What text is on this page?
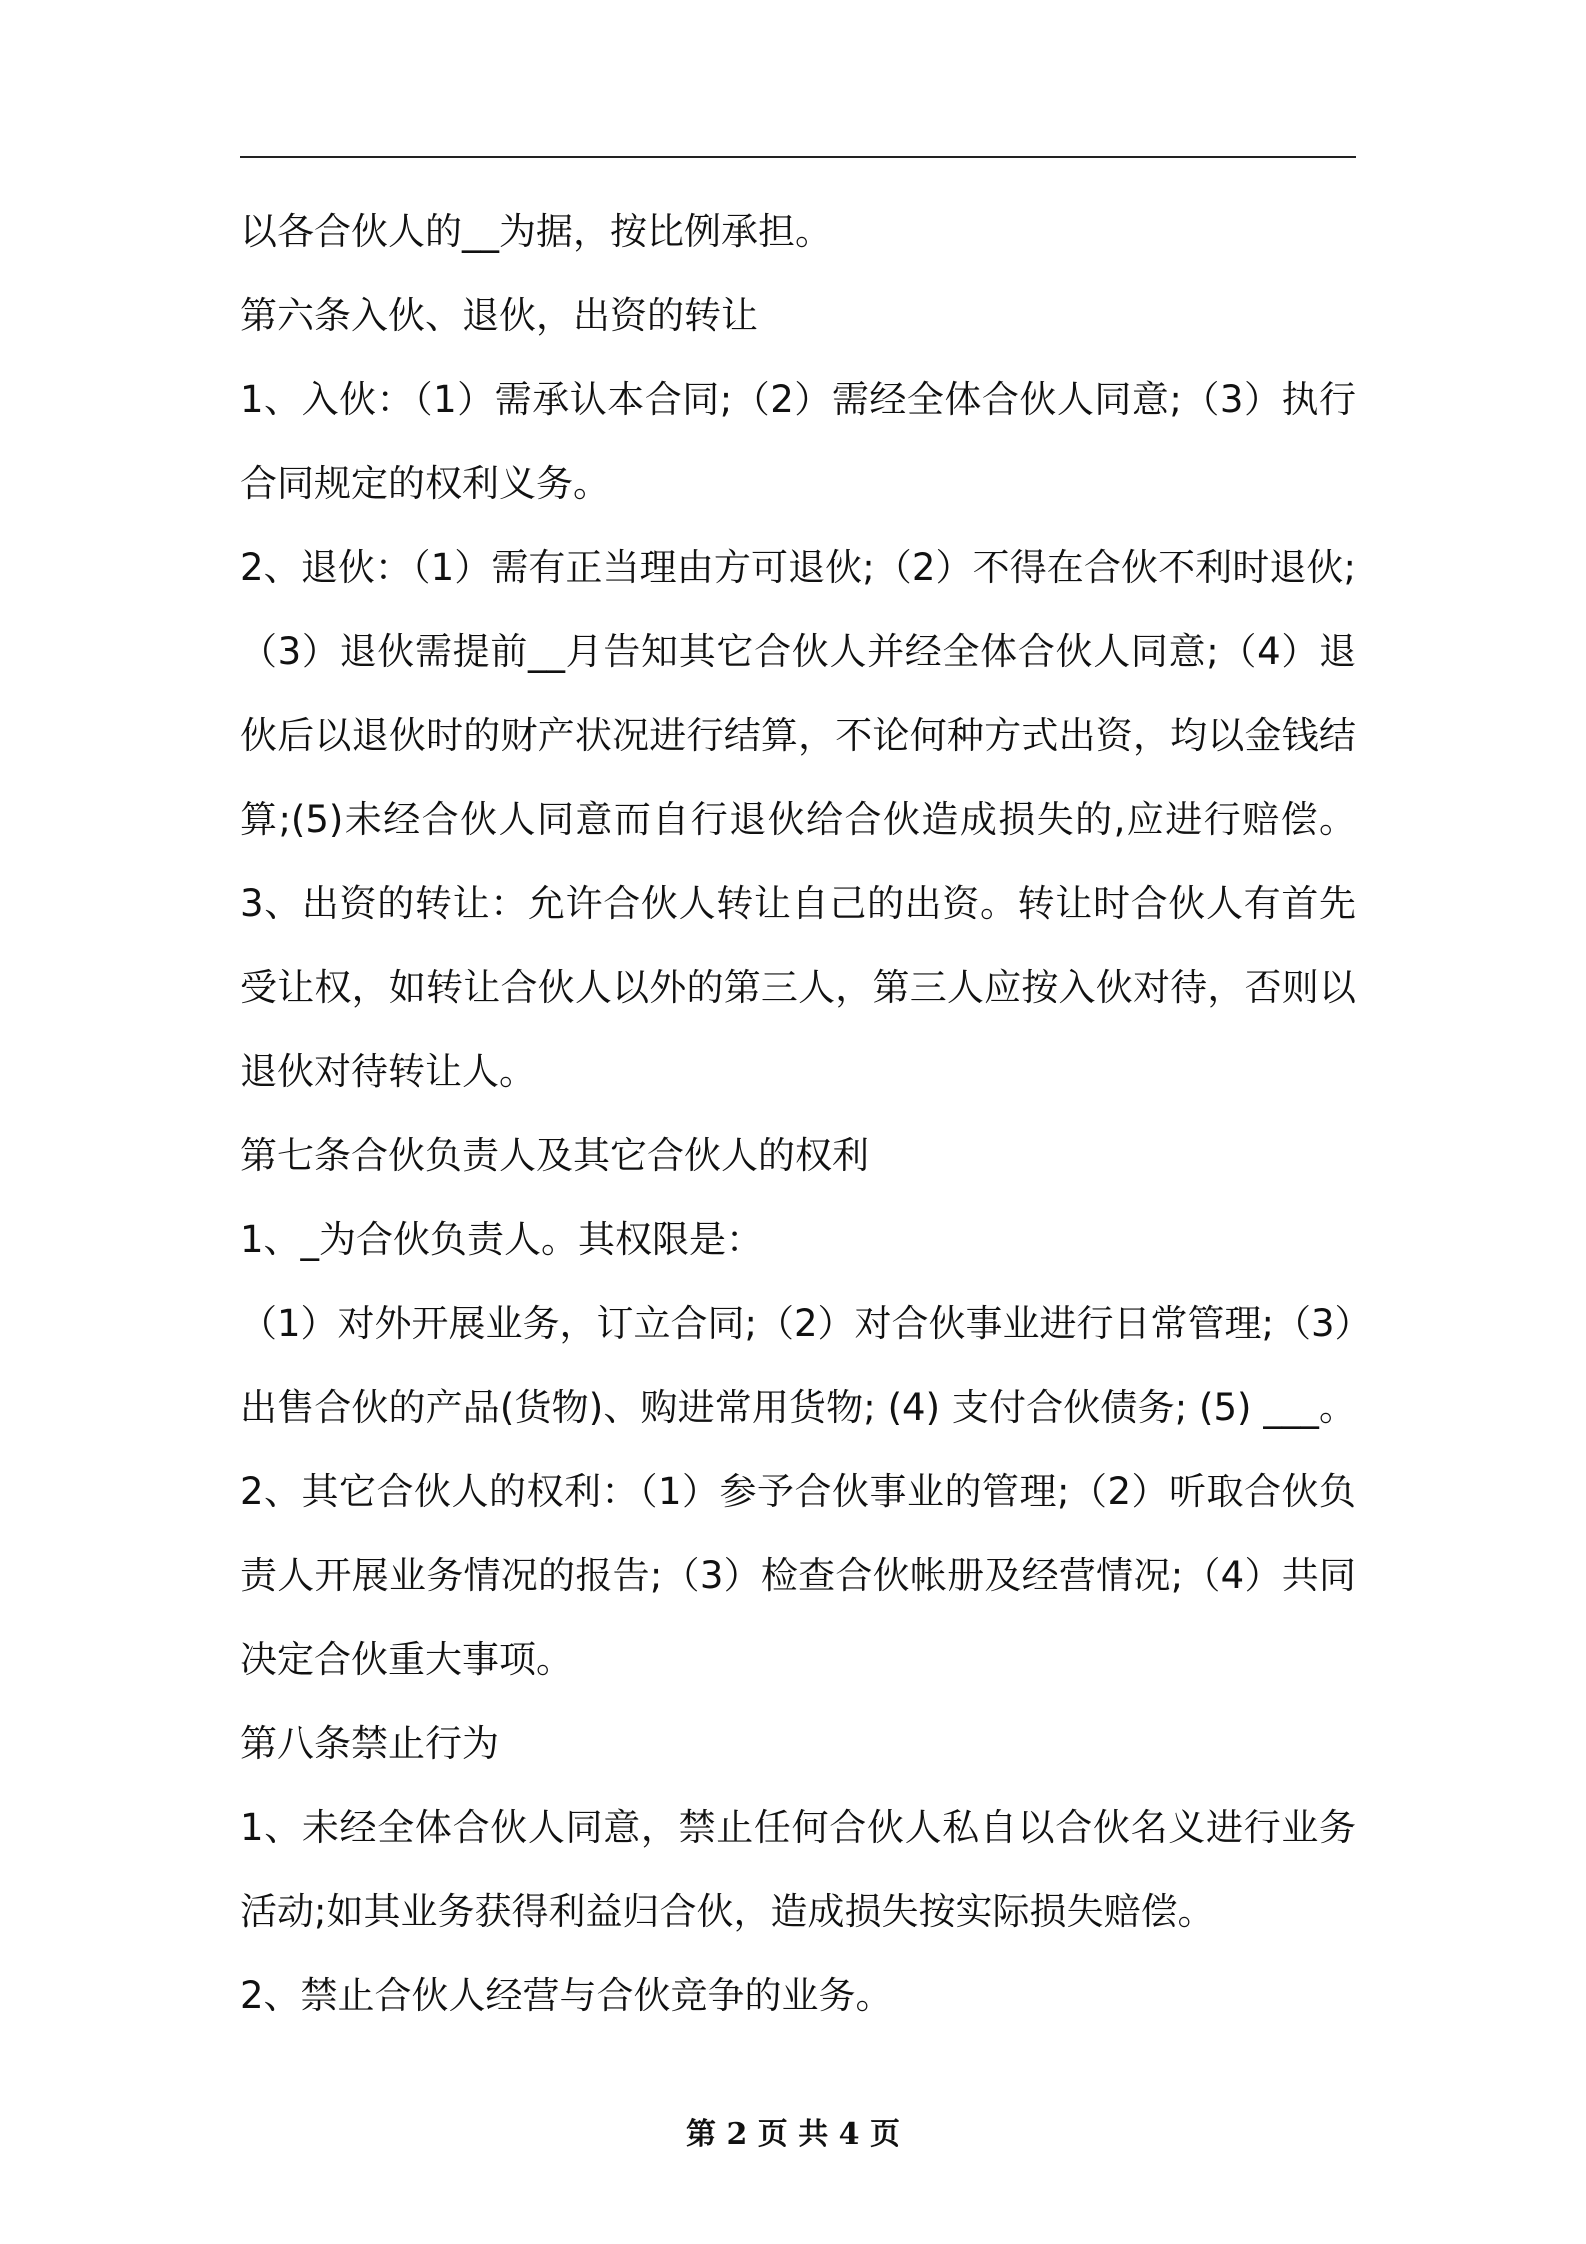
以各合伙人的__为据，按比例承担。
第六条入伙、退伙，出资的转让
1、入伙：（1）需承认本合同;（2）需经全体合伙人同意;（3）执行
合同规定的权利义务。
2、退伙：（1）需有正当理由方可退伙;（2）不得在合伙不利时退伙;
（3）退伙需提前__月告知其它合伙人并经全体合伙人同意;（4）退
伙后以退伙时的财产状况进行结算，不论何种方式出资，均以金钱结
算;(5)未经合伙人同意而自行退伙给合伙造成损失的,应进行赔偿。
3、出资的转让：允许合伙人转让自己的出资。转让时合伙人有首先
受让权，如转让合伙人以外的第三人，第三人应按入伙对待，否则以
退伙对待转让人。
第七条合伙负责人及其它合伙人的权利
1、_为合伙负责人。其权限是：
（1）对外开展业务，订立合同;（2）对合伙事业进行日常管理;（3）
出售合伙的产品(货物)、购进常用货物; (4) 支付合伙债务; (5) ___。
2、其它合伙人的权利：（1）参予合伙事业的管理;（2）听取合伙负
责人开展业务情况的报告;（3）检查合伙帐册及经营情况;（4）共同
决定合伙重大事项。
第八条禁止行为
1、未经全体合伙人同意，禁止任何合伙人私自以合伙名义进行业务
活动;如其业务获得利益归合伙，造成损失按实际损失赔偿。
2、禁止合伙人经营与合伙竞争的业务。
第 2 页 共 4 页
